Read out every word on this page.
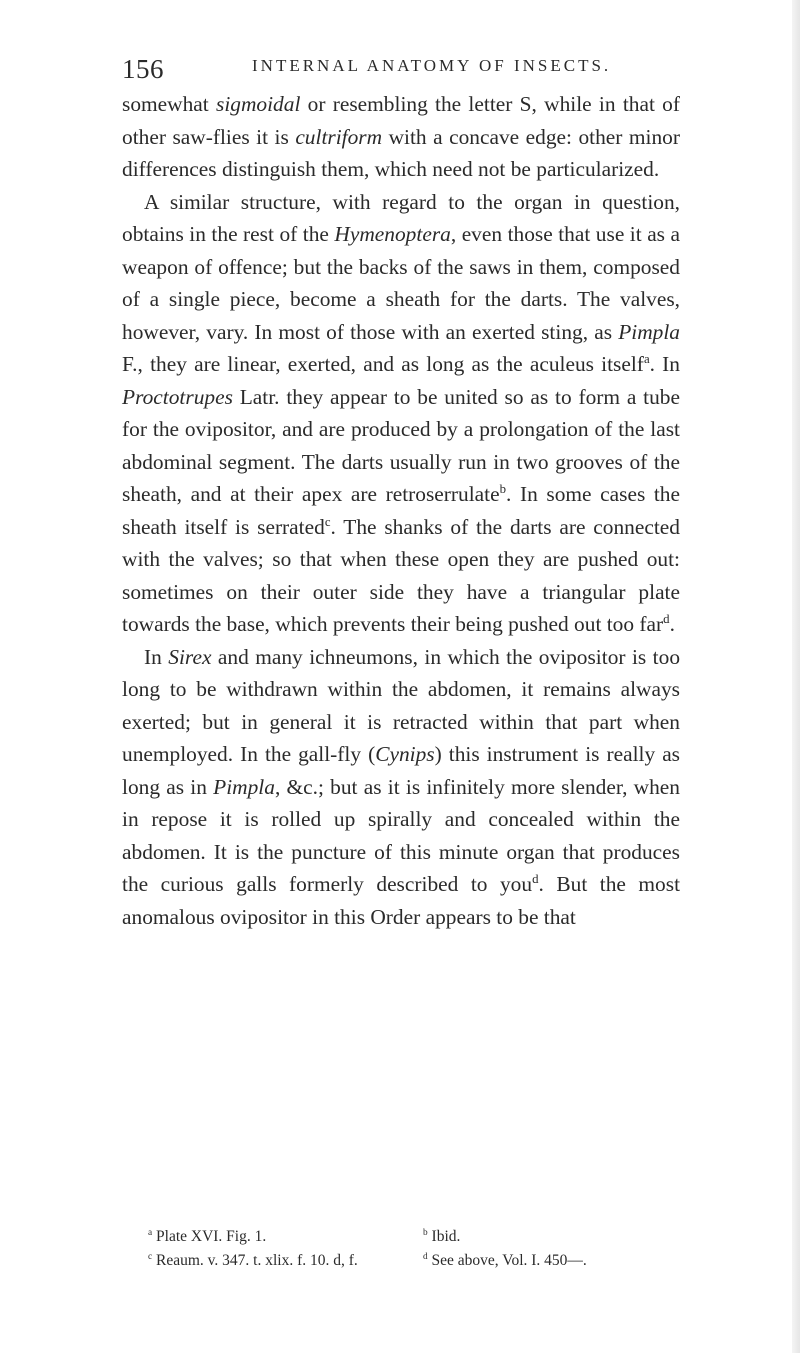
156	INTERNAL ANATOMY OF INSECTS.

somewhat sigmoidal or resembling the letter S, while in that of other saw-flies it is cultriform with a concave edge: other minor differences distinguish them, which need not be particularized.

A similar structure, with regard to the organ in question, obtains in the rest of the Hymenoptera, even those that use it as a weapon of offence; but the backs of the saws in them, composed of a single piece, become a sheath for the darts. The valves, however, vary. In most of those with an exerted sting, as Pimpla F., they are linear, exerted, and as long as the aculeus itself$^a$. In Proctotrupes Latr. they appear to be united so as to form a tube for the ovipositor, and are produced by a prolongation of the last abdominal segment. The darts usually run in two grooves of the sheath, and at their apex are retroserrulate$^b$. In some cases the sheath itself is serrated$^c$. The shanks of the darts are connected with the valves; so that when these open they are pushed out: sometimes on their outer side they have a triangular plate towards the base, which prevents their being pushed out too far$^d$.

In Sirex and many ichneumons, in which the ovipositor is too long to be withdrawn within the abdomen, it remains always exerted; but in general it is retracted within that part when unemployed. In the gall-fly (Cynips) this instrument is really as long as in Pimpla, &c.; but as it is infinitely more slender, when in repose it is rolled up spirally and concealed within the abdomen. It is the puncture of this minute organ that produces the curious galls formerly described to you$^d$. But the most anomalous ovipositor in this Order appears to be that

$^a$ Plate XVI. Fig. 1.	$^b$ Ibid.
$^c$ Reaum. v. 347. t. xlix. f. 10. d, f.	$^d$ See above, Vol. I. 450—.
